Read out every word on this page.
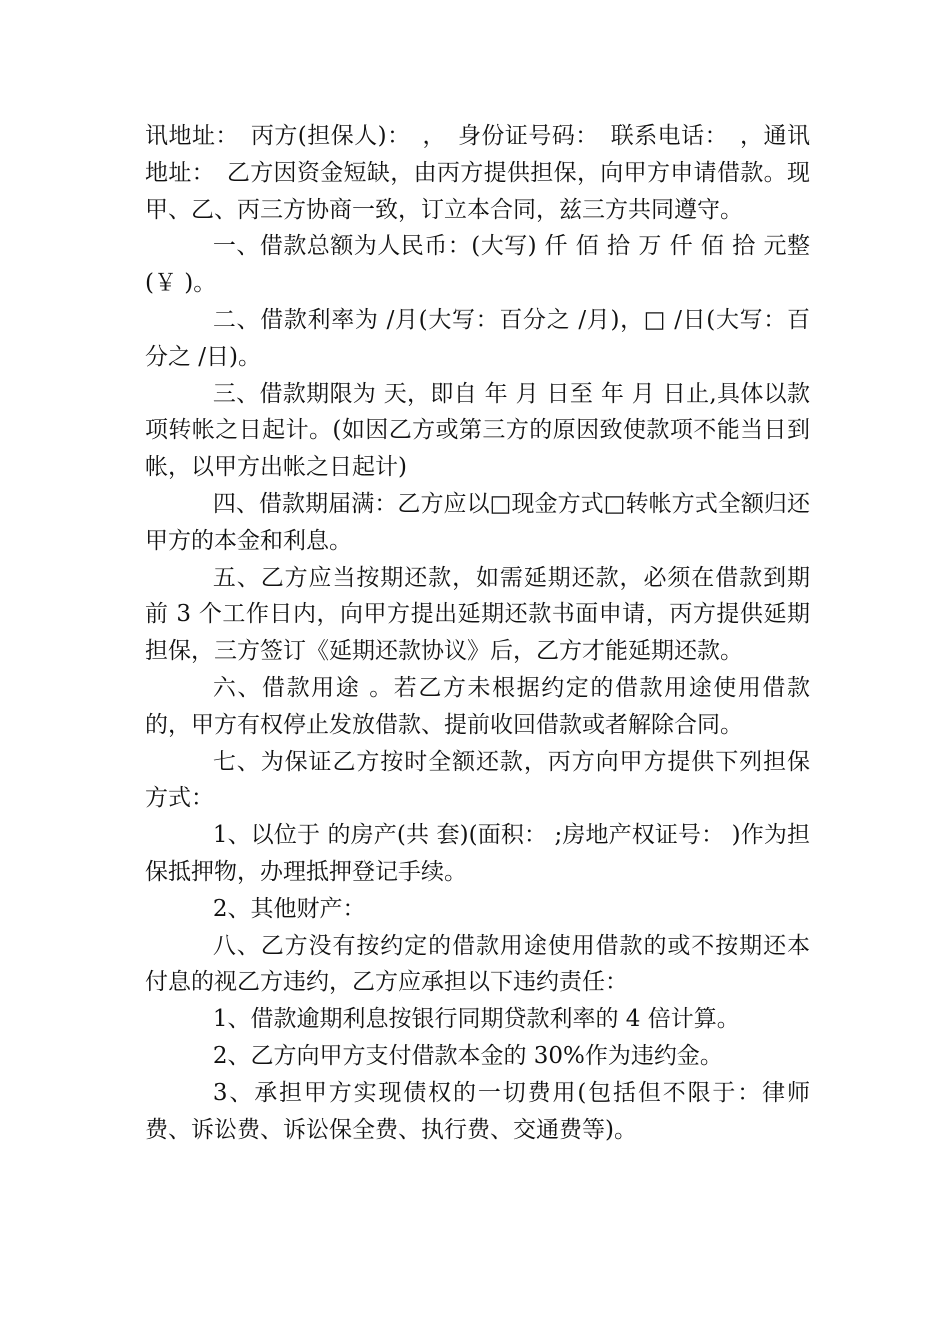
讯地址：　丙方(担保人)：　，　身份证号码：　联系电话：　，通讯地址：　乙方因资金短缺，由丙方提供担保，向甲方申请借款。现甲、乙、丙三方协商一致，订立本合同，兹三方共同遵守。

一、借款总额为人民币：(大写) 仟 佰 拾 万 仟 佰 拾 元整(￥ )。

二、借款利率为 /月(大写：百分之 /月)，□ /日(大写：百分之 /日)。

三、借款期限为 天，即自 年 月 日至 年 月 日止,具体以款项转帐之日起计。(如因乙方或第三方的原因致使款项不能当日到帐，以甲方出帐之日起计)

四、借款期届满：乙方应以□现金方式□转帐方式全额归还甲方的本金和利息。

五、乙方应当按期还款，如需延期还款，必须在借款到期前 3 个工作日内，向甲方提出延期还款书面申请，丙方提供延期担保，三方签订《延期还款协议》后，乙方才能延期还款。

六、借款用途 。若乙方未根据约定的借款用途使用借款的，甲方有权停止发放借款、提前收回借款或者解除合同。

七、为保证乙方按时全额还款，丙方向甲方提供下列担保方式：

1、以位于 的房产(共 套)(面积： ;房地产权证号： )作为担保抵押物，办理抵押登记手续。

2、其他财产：

八、乙方没有按约定的借款用途使用借款的或不按期还本付息的视乙方违约，乙方应承担以下违约责任：

1、借款逾期利息按银行同期贷款利率的 4 倍计算。

2、乙方向甲方支付借款本金的 30%作为违约金。

3、承担甲方实现债权的一切费用(包括但不限于：律师费、诉讼费、诉讼保全费、执行费、交通费等)。
